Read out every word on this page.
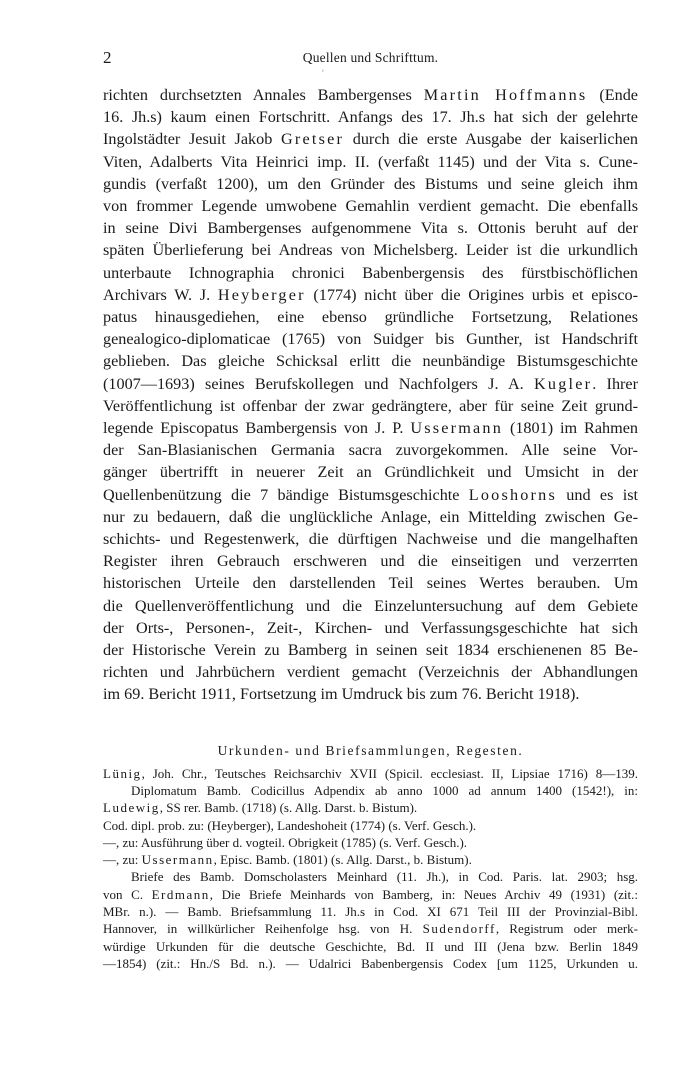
ʹ
2	Quellen und Schrifttum.
richten durchsetzten Annales Bambergenses Martin Hoffmanns (Ende
16. Jh.s) kaum einen Fortschritt. Anfangs des 17. Jh.s hat sich der gelehrte
Ingolstädter Jesuit Jakob Gretser durch die erste Ausgabe der kaiserlichen
Viten, Adalberts Vita Heinrici imp. II. (verfaßt 1145) und der Vita s. Cune-
gundis (verfaßt 1200), um den Gründer des Bistums und seine gleich ihm
von frommer Legende umwobene Gemahlin verdient gemacht. Die ebenfalls
in seine Divi Bambergenses aufgenommene Vita s. Ottonis beruht auf der
späten Überlieferung bei Andreas von Michelsberg. Leider ist die urkundlich
unterbaute Ichnographia chronici Babenbergensis des fürstbischöflichen
Archivars W. J. Heyberger (1774) nicht über die Origines urbis et episco-
patus hinausgediehen, eine ebenso gründliche Fortsetzung, Relationes
genealogico-diplomaticae (1765) von Suidger bis Gunther, ist Handschrift
geblieben. Das gleiche Schicksal erlitt die neunbändige Bistumsgeschichte
(1007—1693) seines Berufskollegen und Nachfolgers J. A. Kugler. Ihrer
Veröffentlichung ist offenbar der zwar gedrängtere, aber für seine Zeit grund-
legende Episcopatus Bambergensis von J. P. Ussermann (1801) im Rahmen
der San-Blasianischen Germania sacra zuvorgekommen. Alle seine Vor-
gänger übertrifft in neuerer Zeit an Gründlichkeit und Umsicht in der
Quellenbenützung die 7 bändige Bistumsgeschichte Looshorns und es ist
nur zu bedauern, daß die unglückliche Anlage, ein Mittelding zwischen Ge-
schichts- und Regestenwerk, die dürftigen Nachweise und die mangelhaften
Register ihren Gebrauch erschweren und die einseitigen und verzerrten
historischen Urteile den darstellenden Teil seines Wertes berauben. Um
die Quellenveröffentlichung und die Einzeluntersuchung auf dem Gebiete
der Orts-, Personen-, Zeit-, Kirchen- und Verfassungsgeschichte hat sich
der Historische Verein zu Bamberg in seinen seit 1834 erschienenen 85 Be-
richten und Jahrbüchern verdient gemacht (Verzeichnis der Abhandlungen
im 69. Bericht 1911, Fortsetzung im Umdruck bis zum 76. Bericht 1918).
Urkunden- und Briefsammlungen, Regesten.
Lünig, Joh. Chr., Teutsches Reichsarchiv XVII (Spicil. ecclesiast. II, Lipsiae 1716) 8—139.
Diplomatum Bamb. Codicillus Adpendix ab anno 1000 ad annum 1400 (1542!), in:
Ludewig, SS rer. Bamb. (1718) (s. Allg. Darst. b. Bistum).
Cod. dipl. prob. zu: (Heyberger), Landeshoheit (1774) (s. Verf. Gesch.).
—, zu: Ausführung über d. vogteil. Obrigkeit (1785) (s. Verf. Gesch.).
—, zu: Ussermann, Episc. Bamb. (1801) (s. Allg. Darst., b. Bistum).
Briefe des Bamb. Domscholasters Meinhard (11. Jh.), in Cod. Paris. lat. 2903; hsg.
von C. Erdmann, Die Briefe Meinhards von Bamberg, in: Neues Archiv 49 (1931) (zit.:
MBr. n.). — Bamb. Briefsammlung 11. Jh.s in Cod. XI 671 Teil III der Provinzial-Bibl.
Hannover, in willkürlicher Reihenfolge hsg. von H. Sudendorff, Registrum oder merk-
würdige Urkunden für die deutsche Geschichte, Bd. II und III (Jena bzw. Berlin 1849
—1854) (zit.: Hn./S Bd. n.). — Udalrici Babenbergensis Codex [um 1125, Urkunden u.
